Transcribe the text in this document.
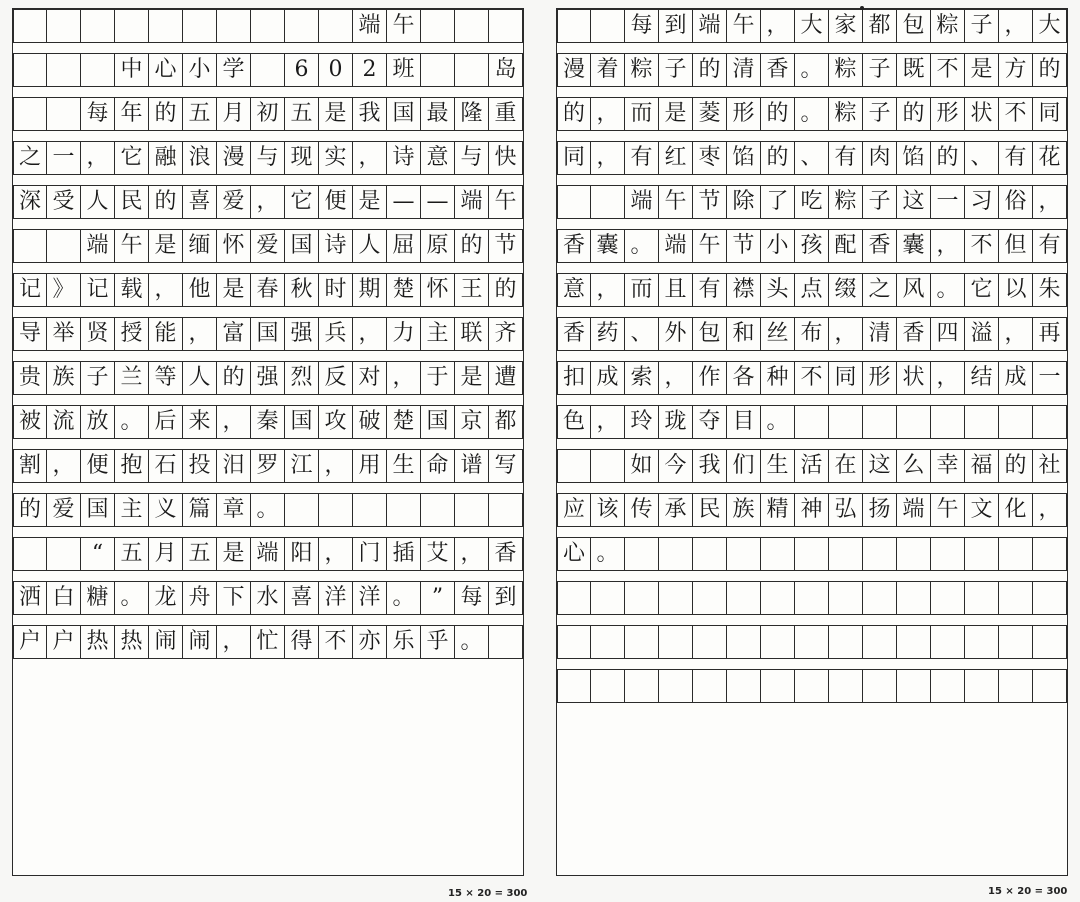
端 午
中 心 小 学	6 0 2 班	岛
每 年 的 五 月 初 五 是 我 国 最 隆 重
之 一 ， 它 融 浪 漫 与 现 实 ， 诗 意 与 快
深 受 人 民 的 喜 爱 ， 它 便 是 — — 端 午
端 午 是 缅 怀 爱 国 诗 人 屈 原 的 节
记 》 记 载 ， 他 是 春 秋 时 期 楚 怀 王 的
导 举 贤 授 能 ， 富 国 强 兵 ， 力 主 联 齐
贵 族 子 兰 等 人 的 强 烈 反 对 ， 于 是 遭
被 流 放 。 后 来 ， 秦 国 攻 破 楚 国 京 都
割 ， 便 抱 石 投 汨 罗 江 ， 用 生 命 谱 写
的 爱 国 主 义 篇 章 。
“ 五 月 五 是 端 阳 ， 门 插 艾 ， 香
洒 白 糖 。 龙 舟 下 水 喜 洋 洋 。 ” 每 到
户 户 热 热 闹 闹 ， 忙 得 不 亦 乐 乎 。
15 × 20 = 300
每 到 端 午 ， 大 家 都 包 粽 子 ， 大
漫 着 粽 子 的 清 香 。 粽 子 既 不 是 方 的
的 ， 而 是 菱 形 的 。 粽 子 的 形 状 不 同
同 ， 有 红 枣 馅 的 、 有 肉 馅 的 、 有 花
端 午 节 除 了 吃 粽 子 这 一 习 俗 ，
香 囊 。 端 午 节 小 孩 配 香 囊 ， 不 但 有
意 ， 而 且 有 襟 头 点 缀 之 风 。 它 以 朱
香 药 、 外 包 和 丝 布 ， 清 香 四 溢 ， 再
扣 成 索 ， 作 各 种 不 同 形 状 ， 结 成 一
色 ， 玲 珑 夺 目 。
如 今 我 们 生 活 在 这 么 幸 福 的 社
应 该 传 承 民 族 精 神 弘 扬 端 午 文 化 ，
心 。
15 × 20 = 300
